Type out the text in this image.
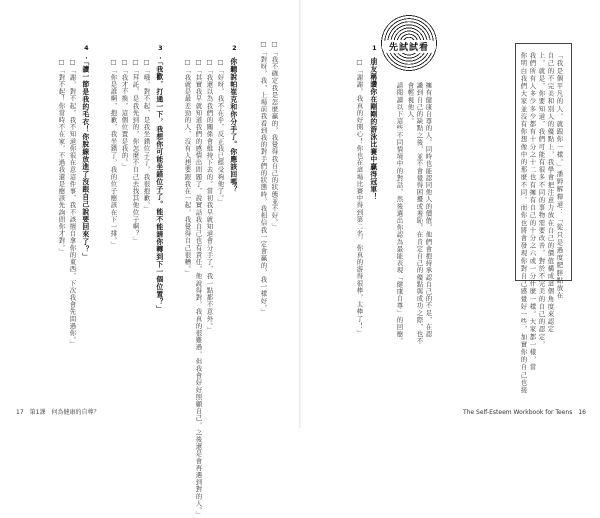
「我是個平凡的人，就跟你一樣。」潘姆解釋道：「從只是過度肥胖點放在
自己的不完美和別人的優點上，我學會把注意力放在自己的價值構成這個角度來認定
上，就是，你要知道，我們可能有很多不同的事物需要改善，對於不完美的自己的認定，
我們所有人多少多少都有十分之十二也有擁有自己的十分之六或一分什麼一樣。大家都一樣，當
你明白我們大家並沒有你想像中的那麼不同，而你也將會發現你對自己感覺好一些，加實你的自己也接
先試試看
擁有健康自尊的人，同時也能認同他人的價值，他們會抱持承認自己的不足，在認
識到自己的缺點之後，並不會覺得困擾或羞恥。在肯定自己的優點與成功之際，也不
會輕視他人。
請閱讀以下這些不同情境中的對話，然後選出你認為最能表現「健康自尊」的回應。
1.
朋友稱讚你在剛剛的游泳比賽中贏得冠軍！
□「謝謝，我真的好開心！你也在這場比賽中得到第二名，你真的游得很棒，太棒了！」
The Self-Esteem Workbook for Teens　16
□「我不確定我是怎麼贏的，我覺得我自己的狀態並不好。」
□「對呀，我，上場前我看到我的對手們的狀態時，我相信我一定會贏的，我一樣好。」
2.
你聽說帕崔克和你分手了。你應該回嗎？
□「好呀，我不在乎，反正我已經受夠他了。」
□「我還以為我們的關係會維持下去的。當初我早就知道會分手了，我一點都不意外。」
□「其實我早就知道我們的感情出問題了，說實話我自己也有責任，他說得對，我真的很難過，但我會好好照顧自己，之後還是會再遇到對的人。」
□「我就是最差勁的人，沒有人想要跟我在一起，我覺得自己很糟。」
3.
「我歡，打通一下，我想你可能坐錯位子了。能不能請你轉到下一個位置？」
□「哦，對不起，是我坐錯位子了，我很抱歉。」
□「拜託，是我先到的，你怎麼不自己去找其他位子啊？」
□「我才不換，這個位置是我的。」
□「你是誰啊，抱歉，我坐錯了，我的位子應該在下一排。」
4.
「讀一節是我的毛衣！你脫線放進了沒跟自己說要回來了？」
□「謝，對不起，我不知道你很在意這件事，我不該擅自拿你的東西，下次我會先問過你。」
□「對不起！你當時不在家，不過我還是應該先詢問你才對。」
17　第1課　何為健康的自尊？
